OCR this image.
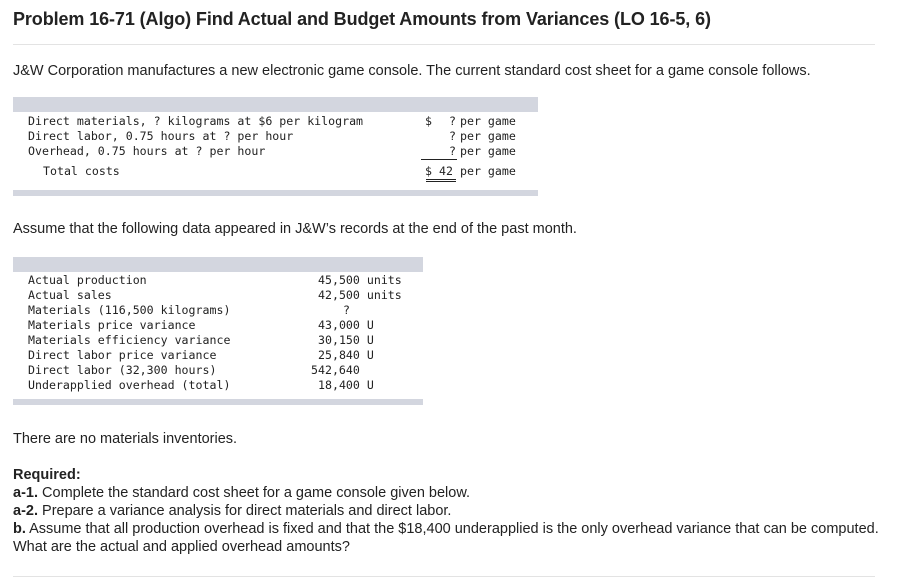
Problem 16-71 (Algo) Find Actual and Budget Amounts from Variances (LO 16-5, 6)
J&W Corporation manufactures a new electronic game console. The current standard cost sheet for a game console follows.
Direct materials, ? kilograms at $6 per kilogram	$ ? per game
Direct labor, 0.75 hours at ? per hour	? per game
Overhead, 0.75 hours at ? per hour	? per game
Total costs	$ 42 per game
Assume that the following data appeared in J&W’s records at the end of the past month.
Actual production	45,500 units
Actual sales	42,500 units
Materials (116,500 kilograms)	?
Materials price variance	43,000 U
Materials efficiency variance	30,150 U
Direct labor price variance	25,840 U
Direct labor (32,300 hours)	542,640
Underapplied overhead (total)	18,400 U
There are no materials inventories.
Required:
a-1. Complete the standard cost sheet for a game console given below.
a-2. Prepare a variance analysis for direct materials and direct labor.
b. Assume that all production overhead is fixed and that the $18,400 underapplied is the only overhead variance that can be computed. What are the actual and applied overhead amounts?
